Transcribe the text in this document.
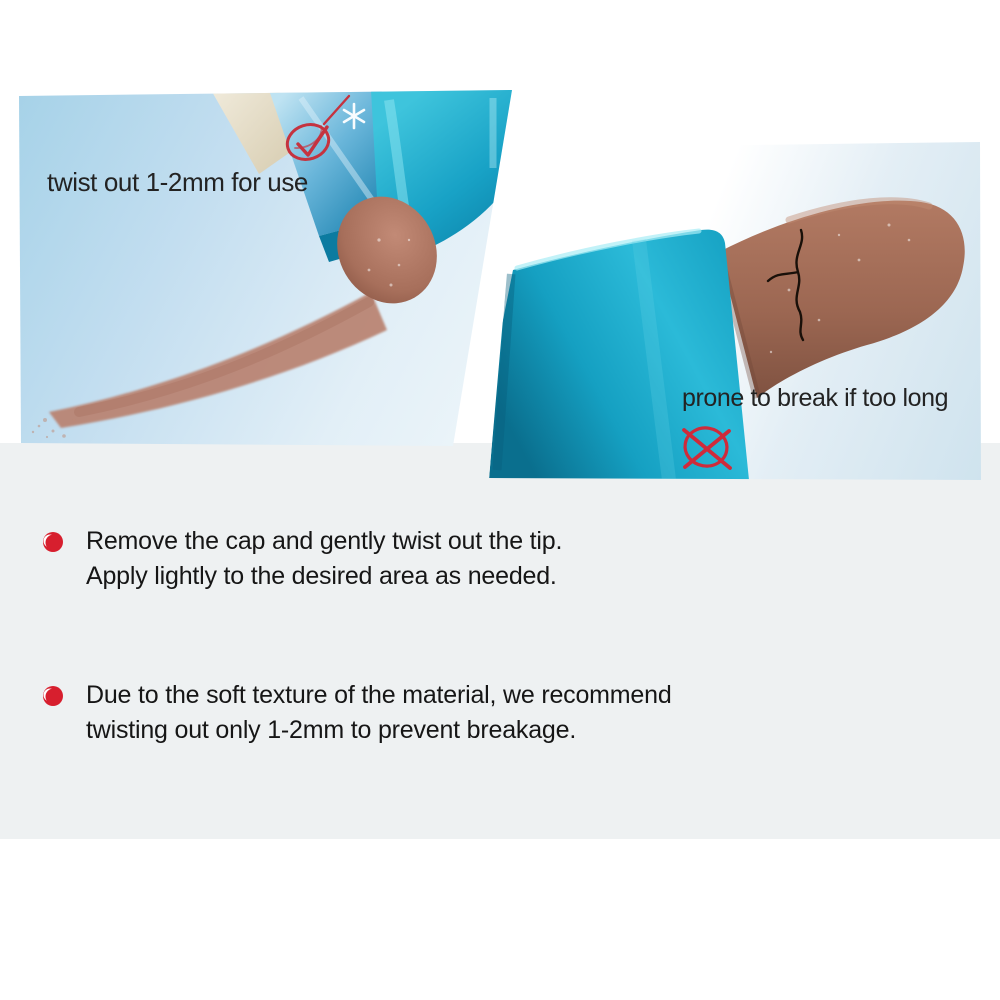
twist out 1-2mm for use
prone to break if too long
Remove the cap and gently twist out the tip.
Apply lightly to the desired area as needed.
Due to the soft texture of the material, we recommend
twisting out only 1-2mm to prevent breakage.
